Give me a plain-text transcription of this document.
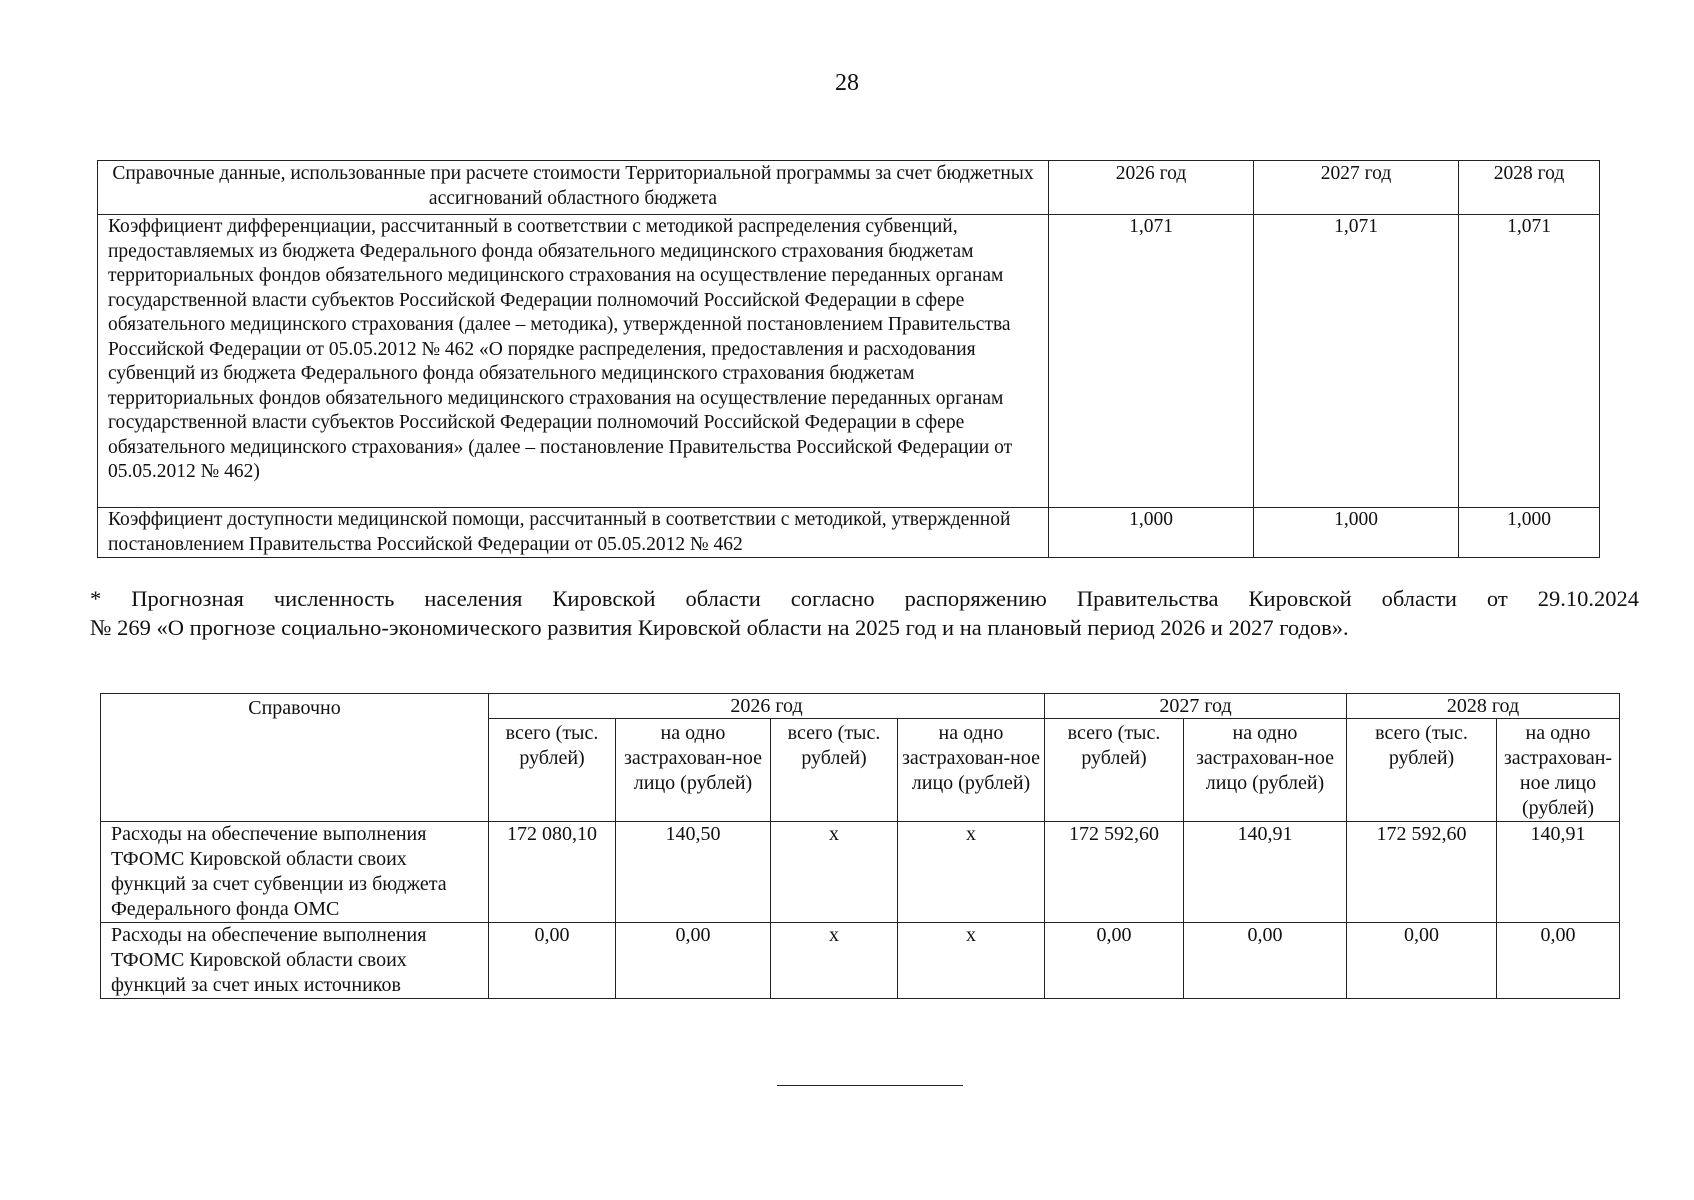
28
Справочные данные, использованные при расчете стоимости Территориальной программы за счет бюджетных ассигнований областного бюджета	2026 год	2027 год	2028 год
Коэффициент дифференциации, рассчитанный в соответствии с методикой распределения субвенций, предоставляемых из бюджета Федерального фонда обязательного медицинского страхования бюджетам территориальных фондов обязательного медицинского страхования на осуществление переданных органам государственной власти субъектов Российской Федерации полномочий Российской Федерации в сфере обязательного медицинского страхования (далее – методика), утвержденной постановлением Правительства Российской Федерации от 05.05.2012 № 462 «О порядке распределения, предоставления и расходования субвенций из бюджета Федерального фонда обязательного медицинского страхования бюджетам территориальных фондов обязательного медицинского страхования на осуществление переданных органам государственной власти субъектов Российской Федерации полномочий Российской Федерации в сфере обязательного медицинского страхования» (далее – постановление Правительства Российской Федерации от 05.05.2012 № 462)	1,071	1,071	1,071
Коэффициент доступности медицинской помощи, рассчитанный в соответствии с методикой, утвержденной постановлением Правительства Российской Федерации от 05.05.2012 № 462	1,000	1,000	1,000
* Прогнозная численность населения Кировской области согласно распоряжению Правительства Кировской области от 29.10.2024
№ 269 «О прогнозе социально-экономического развития Кировской области на 2025 год и на плановый период 2026 и 2027 годов».
Справочно	2026 год				2027 год		2028 год	
	всего (тыс. рублей)	на одно застрахован-ное лицо (рублей)	всего (тыс. рублей)	на одно застрахован-ное лицо (рублей)	всего (тыс. рублей)	на одно застрахован-ное лицо (рублей)	всего (тыс. рублей)	на одно застрахован-ное лицо (рублей)
Расходы на обеспечение выполнения ТФОМС Кировской области своих функций за счет субвенции из бюджета Федерального фонда ОМС	172 080,10	140,50	х	х	172 592,60	140,91	172 592,60	140,91
Расходы на обеспечение выполнения ТФОМС Кировской области своих функций за счет иных источников	0,00	0,00	х	х	0,00	0,00	0,00	0,00
